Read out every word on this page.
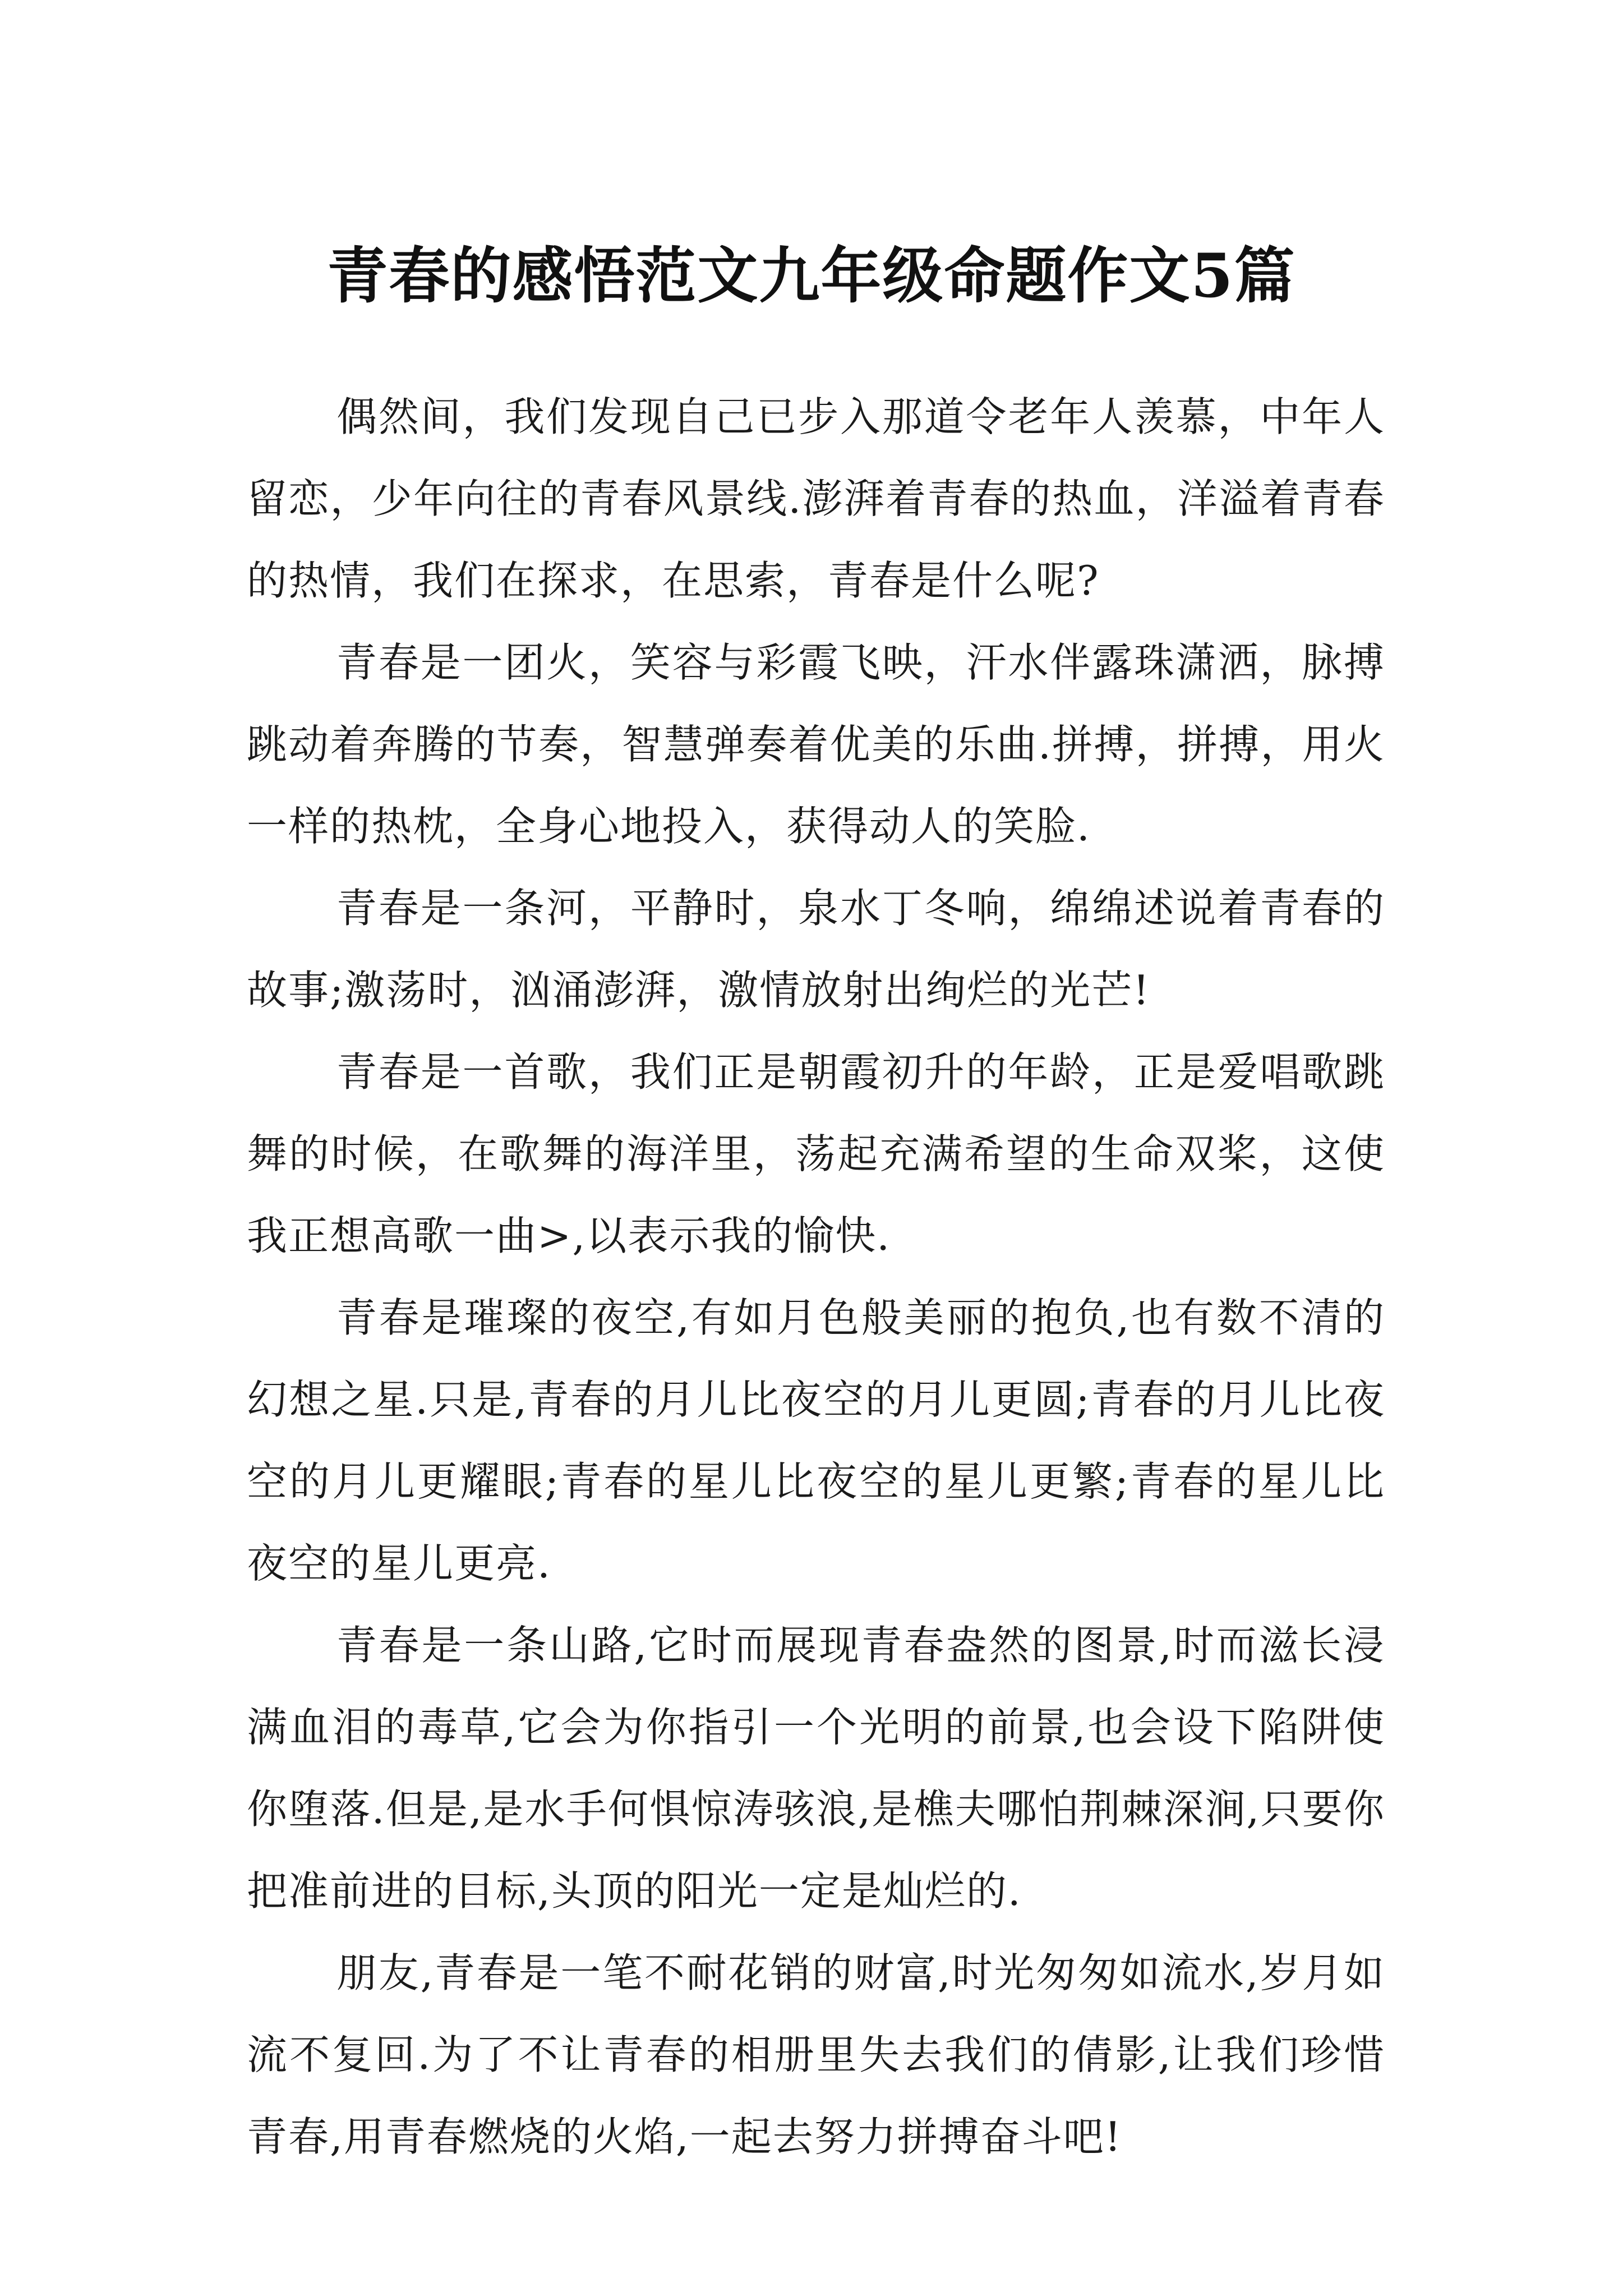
青春的感悟范文九年级命题作文5篇

偶然间，我们发现自己已步入那道令老年人羡慕，中年人留恋，少年向往的青春风景线.澎湃着青春的热血，洋溢着青春的热情，我们在探求，在思索，青春是什么呢?

青春是一团火，笑容与彩霞飞映，汗水伴露珠潇洒，脉搏跳动着奔腾的节奏，智慧弹奏着优美的乐曲.拼搏，拼搏，用火一样的热枕，全身心地投入，获得动人的笑脸.

青春是一条河，平静时，泉水丁冬响，绵绵述说着青春的故事;激荡时，汹涌澎湃，激情放射出绚烂的光芒!

青春是一首歌，我们正是朝霞初升的年龄，正是爱唱歌跳舞的时候，在歌舞的海洋里，荡起充满希望的生命双桨，这使我正想高歌一曲>,以表示我的愉快.

青春是璀璨的夜空,有如月色般美丽的抱负,也有数不清的幻想之星.只是,青春的月儿比夜空的月儿更圆;青春的月儿比夜空的月儿更耀眼;青春的星儿比夜空的星儿更繁;青春的星儿比夜空的星儿更亮.

青春是一条山路,它时而展现青春盎然的图景,时而滋长浸满血泪的毒草,它会为你指引一个光明的前景,也会设下陷阱使你堕落.但是,是水手何惧惊涛骇浪,是樵夫哪怕荆棘深涧,只要你把准前进的目标,头顶的阳光一定是灿烂的.

朋友,青春是一笔不耐花销的财富,时光匆匆如流水,岁月如流不复回.为了不让青春的相册里失去我们的倩影,让我们珍惜青春,用青春燃烧的火焰,一起去努力拼搏奋斗吧!
